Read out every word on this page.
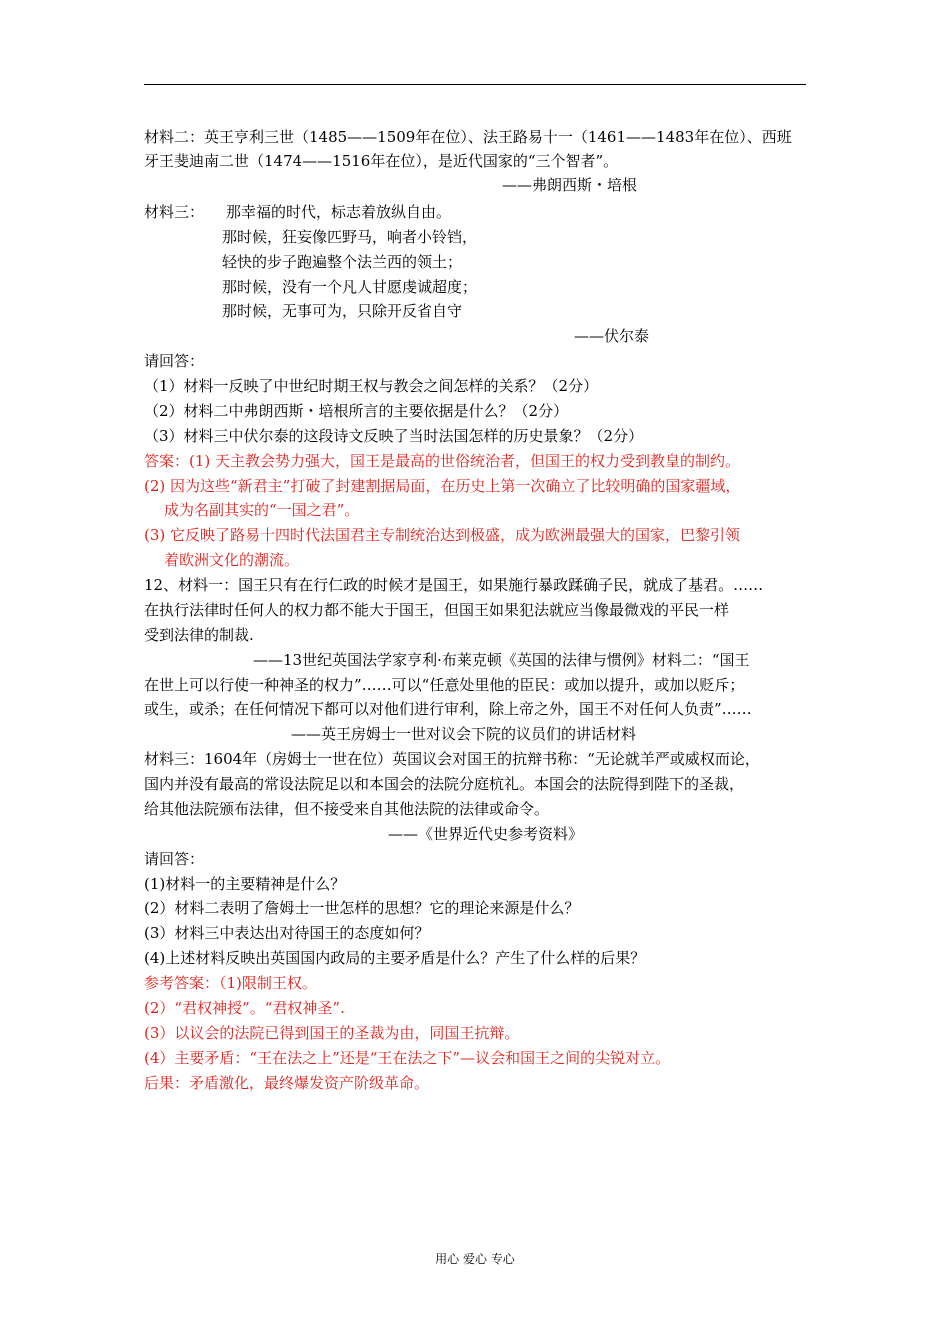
材料二：英王亨利三世（1485——1509年在位）、法王路易十一（1461——1483年在位）、西班
牙王斐迪南二世（1474——1516年在位），是近代国家的“三个智者”。
——弗朗西斯・培根
材料三： 那幸福的时代，标志着放纵自由。
那时候，狂妄像匹野马，响者小铃铛，
轻快的步子跑遍整个法兰西的领土；
那时候，没有一个凡人甘愿虔诚超度；
那时候，无事可为，只除开反省自守
——伏尔泰
请回答：
（1）材料一反映了中世纪时期王权与教会之间怎样的关系？（2分）
（2）材料二中弗朗西斯・培根所言的主要依据是什么？（2分）
（3）材料三中伏尔泰的这段诗文反映了当时法国怎样的历史景象？（2分）
答案：(1) 天主教会势力强大，国王是最高的世俗统治者，但国王的权力受到教皇的制约。
(2) 因为这些“新君主”打破了封建割据局面，在历史上第一次确立了比较明确的国家疆域，
成为名副其实的“一国之君”。
(3) 它反映了路易十四时代法国君主专制统治达到极盛，成为欧洲最强大的国家，巴黎引领
着欧洲文化的潮流。
12、材料一：国王只有在行仁政的时候才是国王，如果施行暴政蹂确子民，就成了基君。……
在执行法律时任何人的权力都不能大于国王，但国王如果犯法就应当像最微戏的平民一样
受到法律的制裁.
——13世纪英国法学家亨利·布莱克顿《英国的法律与惯例》材料二：“国王
在世上可以行使一种神圣的权力”……可以“任意处里他的臣民：或加以提升，或加以贬斥；
或生，或杀；在任何情况下都可以对他们进行审利，除上帝之外，国王不对任何人负责”……
——英王房姆士一世对议会下院的议员们的讲话材料
材料三：1604年（房姆士一世在位）英国议会对国王的抗辩书称：“无论就羊严或威权而论，
国内并没有最高的常设法院足以和本国会的法院分庭杭礼。本国会的法院得到陛下的圣裁，
给其他法院颁布法律，但不接受来自其他法院的法律或命令。
——《世界近代史参考资料》
请回答：
(1)材料一的主要精神是什么？
(2）材料二表明了詹姆士一世怎样的思想？它的理论来源是什么？
(3）材料三中表达出对待国王的态度如何？
(4)上述材料反映出英国国内政局的主要矛盾是什么？产生了什么样的后果？
参考答案：（1)限制王权。
(2）“君权神授”。“君权神圣”.
(3）以议会的法院已得到国王的圣裁为由，同国王抗辩。
(4）主要矛盾：“王在法之上”还是“王在法之下”—议会和国王之间的尖锐对立。
后果：矛盾激化，最终爆发资产阶级革命。
用心 爱心 专心
